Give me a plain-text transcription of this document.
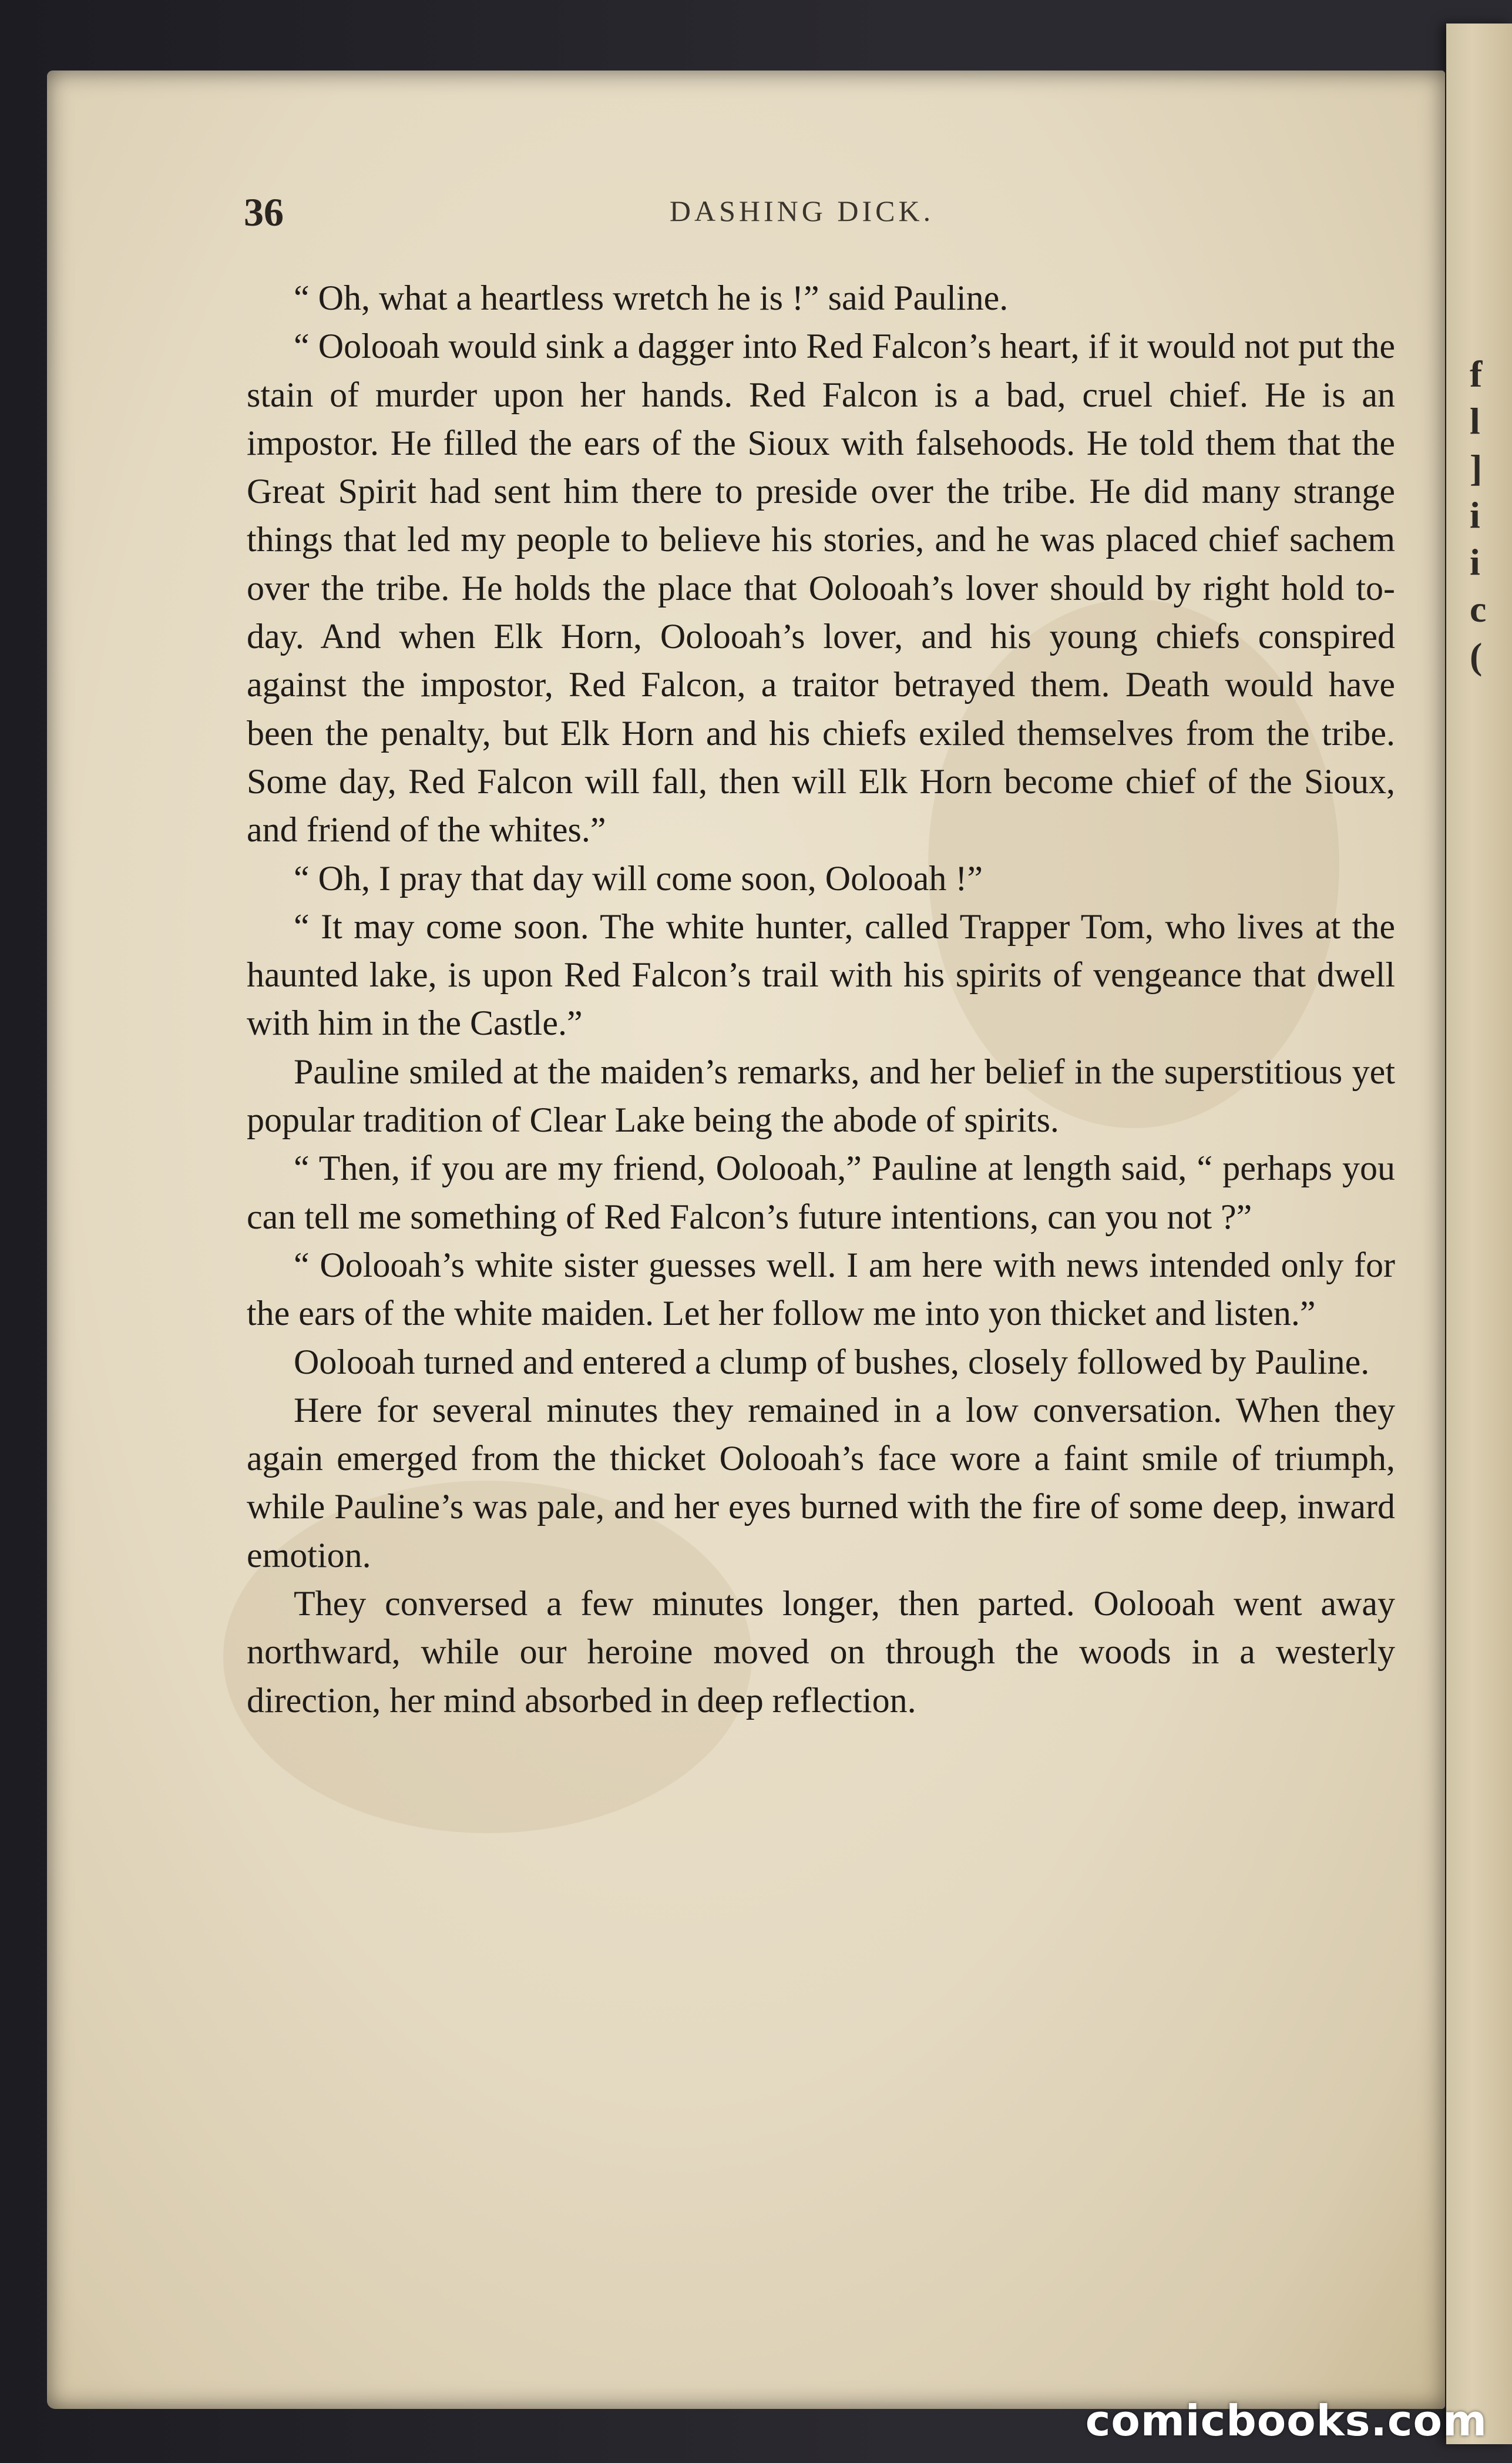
f
l
]
i
i
c
(
36	DASHING DICK.

“ Oh, what a heartless wretch he is !” said Pauline.

“ Oolooah would sink a dagger into Red Falcon’s heart, if it would not put the stain of murder upon her hands. Red Falcon is a bad, cruel chief. He is an impostor. He filled the ears of the Sioux with falsehoods. He told them that the Great Spirit had sent him there to preside over the tribe. He did many strange things that led my people to believe his stories, and he was placed chief sachem over the tribe. He holds the place that Oolooah’s lover should by right hold to-day. And when Elk Horn, Oolooah’s lover, and his young chiefs conspired against the impostor, Red Falcon, a traitor betrayed them. Death would have been the penalty, but Elk Horn and his chiefs exiled themselves from the tribe. Some day, Red Falcon will fall, then will Elk Horn become chief of the Sioux, and friend of the whites.”

“ Oh, I pray that day will come soon, Oolooah !”

“ It may come soon. The white hunter, called Trapper Tom, who lives at the haunted lake, is upon Red Falcon’s trail with his spirits of vengeance that dwell with him in the Castle.”

Pauline smiled at the maiden’s remarks, and her belief in the superstitious yet popular tradition of Clear Lake being the abode of spirits.

“ Then, if you are my friend, Oolooah,” Pauline at length said, “ perhaps you can tell me something of Red Falcon’s future intentions, can you not ?”

“ Oolooah’s white sister guesses well. I am here with news intended only for the ears of the white maiden. Let her follow me into yon thicket and listen.”

Oolooah turned and entered a clump of bushes, closely followed by Pauline.

Here for several minutes they remained in a low conversation. When they again emerged from the thicket Oolooah’s face wore a faint smile of triumph, while Pauline’s was pale, and her eyes burned with the fire of some deep, inward emotion.

They conversed a few minutes longer, then parted. Oolooah went away northward, while our heroine moved on through the woods in a westerly direction, her mind absorbed in deep reflection.

comicbooks.com
